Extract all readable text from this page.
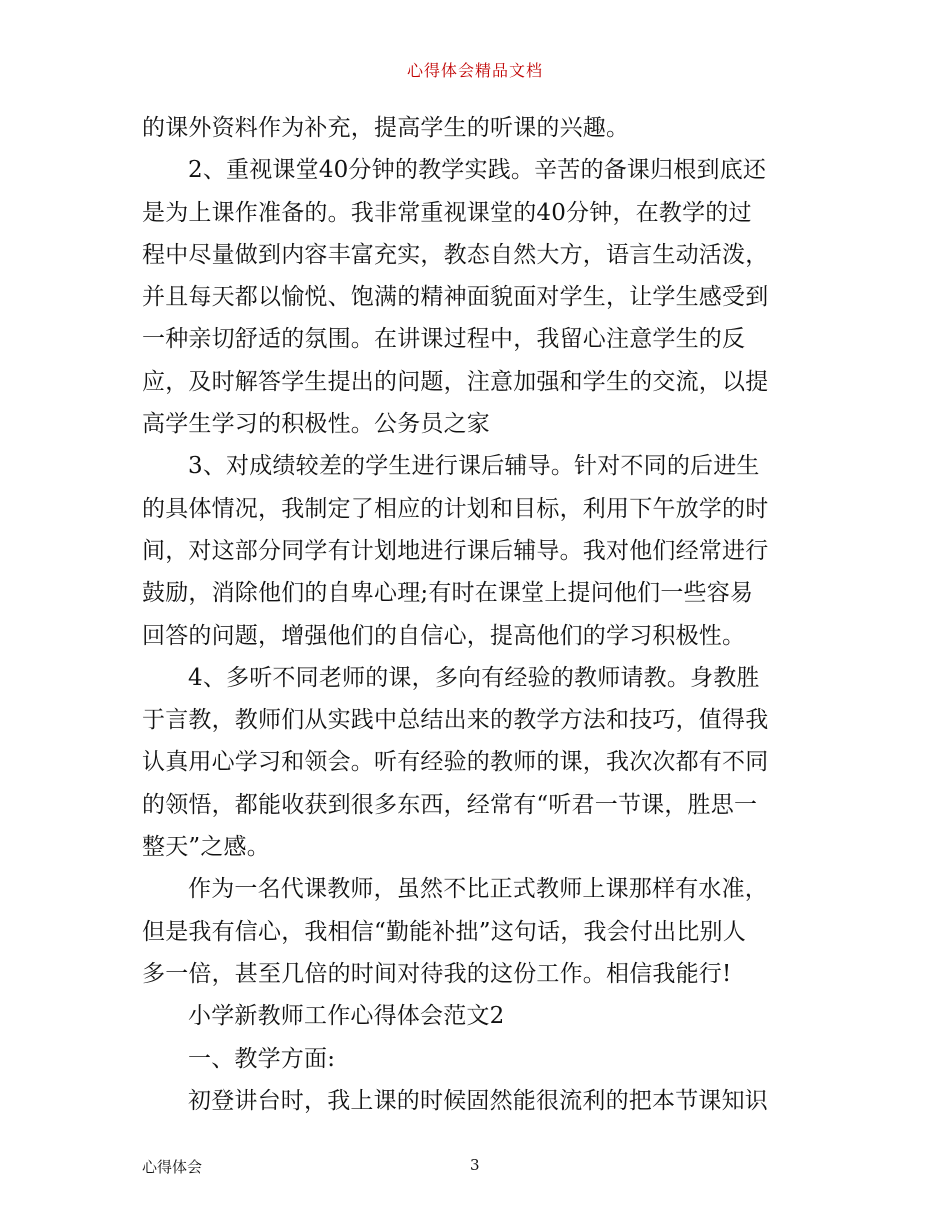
心得体会精品文档
的课外资料作为补充，提高学生的听课的兴趣。
2、重视课堂40分钟的教学实践。辛苦的备课归根到底还
是为上课作准备的。我非常重视课堂的40分钟，在教学的过
程中尽量做到内容丰富充实，教态自然大方，语言生动活泼，
并且每天都以愉悦、饱满的精神面貌面对学生，让学生感受到
一种亲切舒适的氛围。在讲课过程中，我留心注意学生的反
应，及时解答学生提出的问题，注意加强和学生的交流，以提
高学生学习的积极性。公务员之家
3、对成绩较差的学生进行课后辅导。针对不同的后进生
的具体情况，我制定了相应的计划和目标，利用下午放学的时
间，对这部分同学有计划地进行课后辅导。我对他们经常进行
鼓励，消除他们的自卑心理;有时在课堂上提问他们一些容易
回答的问题，增强他们的自信心，提高他们的学习积极性。
4、多听不同老师的课，多向有经验的教师请教。身教胜
于言教，教师们从实践中总结出来的教学方法和技巧，值得我
认真用心学习和领会。听有经验的教师的课，我次次都有不同
的领悟，都能收获到很多东西，经常有“听君一节课，胜思一
整天”之感。
作为一名代课教师，虽然不比正式教师上课那样有水准，
但是我有信心，我相信“勤能补拙”这句话，我会付出比别人
多一倍，甚至几倍的时间对待我的这份工作。相信我能行!
小学新教师工作心得体会范文2
一、教学方面:
初登讲台时，我上课的时候固然能很流利的把本节课知识
心得体会	3
